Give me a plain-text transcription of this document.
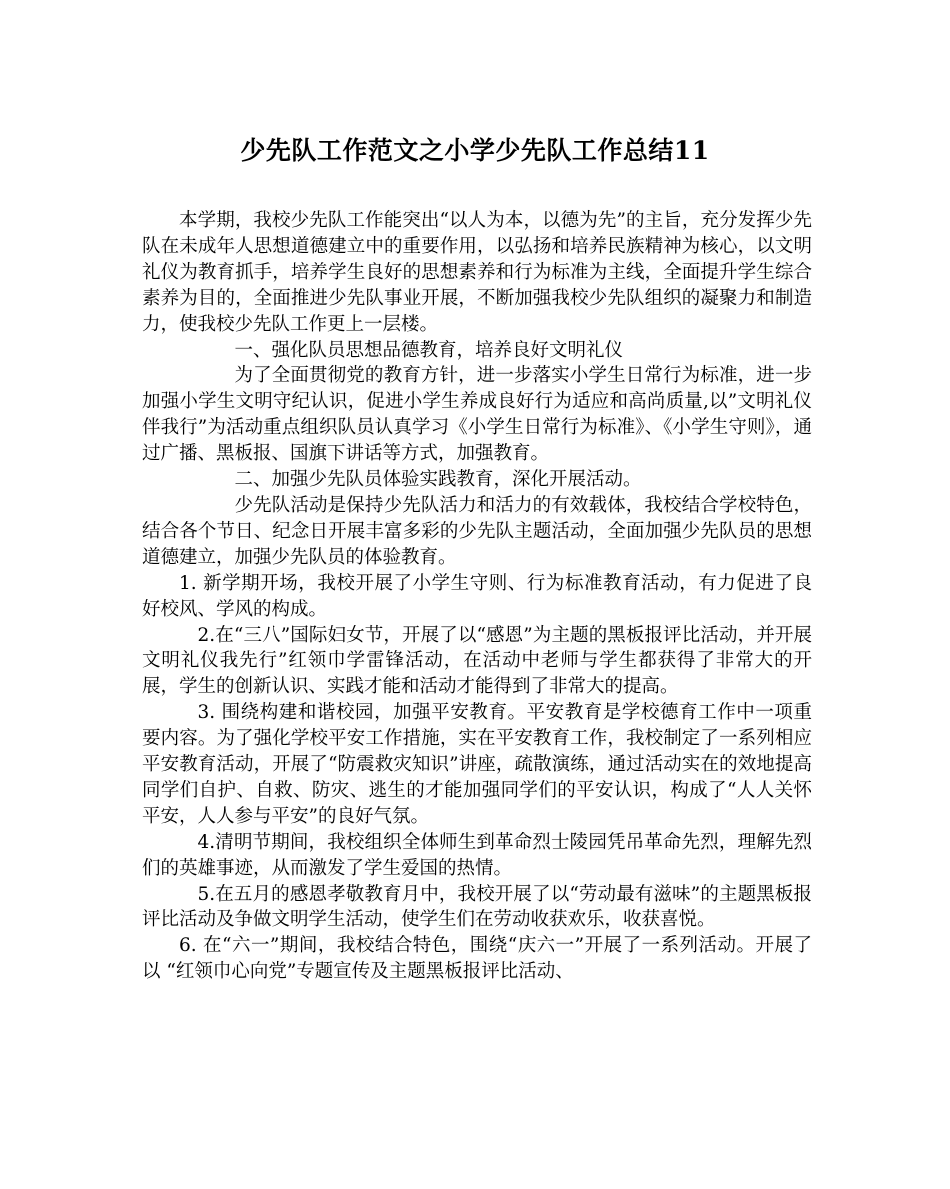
少先队工作范文之小学少先队工作总结11

本学期，我校少先队工作能突出“以人为本，以德为先”的主旨，充分发挥少先队在未成年人思想道德建立中的重要作用，以弘扬和培养民族精神为核心，以文明礼仪为教育抓手，培养学生良好的思想素养和行为标准为主线，全面提升学生综合素养为目的，全面推进少先队事业开展，不断加强我校少先队组织的凝聚力和制造力，使我校少先队工作更上一层楼。

一、强化队员思想品德教育，培养良好文明礼仪

为了全面贯彻党的教育方针，进一步落实小学生日常行为标准，进一步加强小学生文明守纪认识，促进小学生养成良好行为适应和高尚质量,以”文明礼仪伴我行”为活动重点组织队员认真学习《小学生日常行为标准》、《小学生守则》，通过广播、黑板报、国旗下讲话等方式，加强教育。

二、加强少先队员体验实践教育，深化开展活动。

少先队活动是保持少先队活力和活力的有效载体，我校结合学校特色，结合各个节日、纪念日开展丰富多彩的少先队主题活动，全面加强少先队员的思想道德建立，加强少先队员的体验教育。

1. 新学期开场，我校开展了小学生守则、行为标准教育活动，有力促进了良好校风、学风的构成。

2.在“三八”国际妇女节，开展了以“感恩”为主题的黑板报评比活动，并开展文明礼仪我先行”红领巾学雷锋活动，在活动中老师与学生都获得了非常大的开展，学生的创新认识、实践才能和活动才能得到了非常大的提高。

3. 围绕构建和谐校园，加强平安教育。平安教育是学校德育工作中一项重要内容。为了强化学校平安工作措施，实在平安教育工作，我校制定了一系列相应平安教育活动，开展了“防震救灾知识”讲座，疏散演练，通过活动实在的效地提高同学们自护、自救、防灾、逃生的才能加强同学们的平安认识，构成了“人人关怀平安，人人参与平安”的良好气氛。

4.清明节期间，我校组织全体师生到革命烈士陵园凭吊革命先烈，理解先烈们的英雄事迹，从而激发了学生爱国的热情。

5.在五月的感恩孝敬教育月中，我校开展了以“劳动最有滋味”的主题黑板报评比活动及争做文明学生活动，使学生们在劳动收获欢乐，收获喜悦。

6. 在“六一”期间，我校结合特色，围绕“庆六一”开展了一系列活动。开展了以 “红领巾心向党”专题宣传及主题黑板报评比活动、
